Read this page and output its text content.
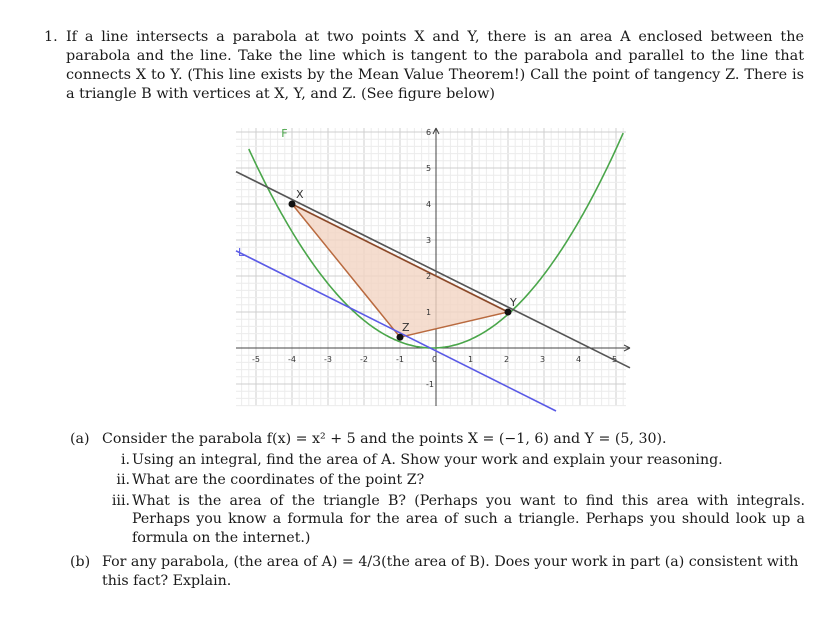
1. If a line intersects a parabola at two points X and Y, there is an area A enclosed between the parabola and the line. Take the line which is tangent to the parabola and parallel to the line that connects X to Y. (This line exists by the Mean Value Theorem!) Call the point of tangency Z. There is a triangle B with vertices at X, Y, and Z. (See figure below)
-5	-4	-3	-2	-1	0	1	2	3	4	5
-1
1
2
3
4
5
6
F
L
X
Y
Z
(a) Consider the parabola f(x) = x² + 5 and the points X = (−1, 6) and Y = (5, 30).
i. Using an integral, find the area of A. Show your work and explain your reasoning.
ii. What are the coordinates of the point Z?
iii. What is the area of the triangle B? (Perhaps you want to find this area with integrals. Perhaps you know a formula for the area of such a triangle. Perhaps you should look up a formula on the internet.)
(b) For any parabola, (the area of A) = 4/3(the area of B). Does your work in part (a) consistent with this fact? Explain.
